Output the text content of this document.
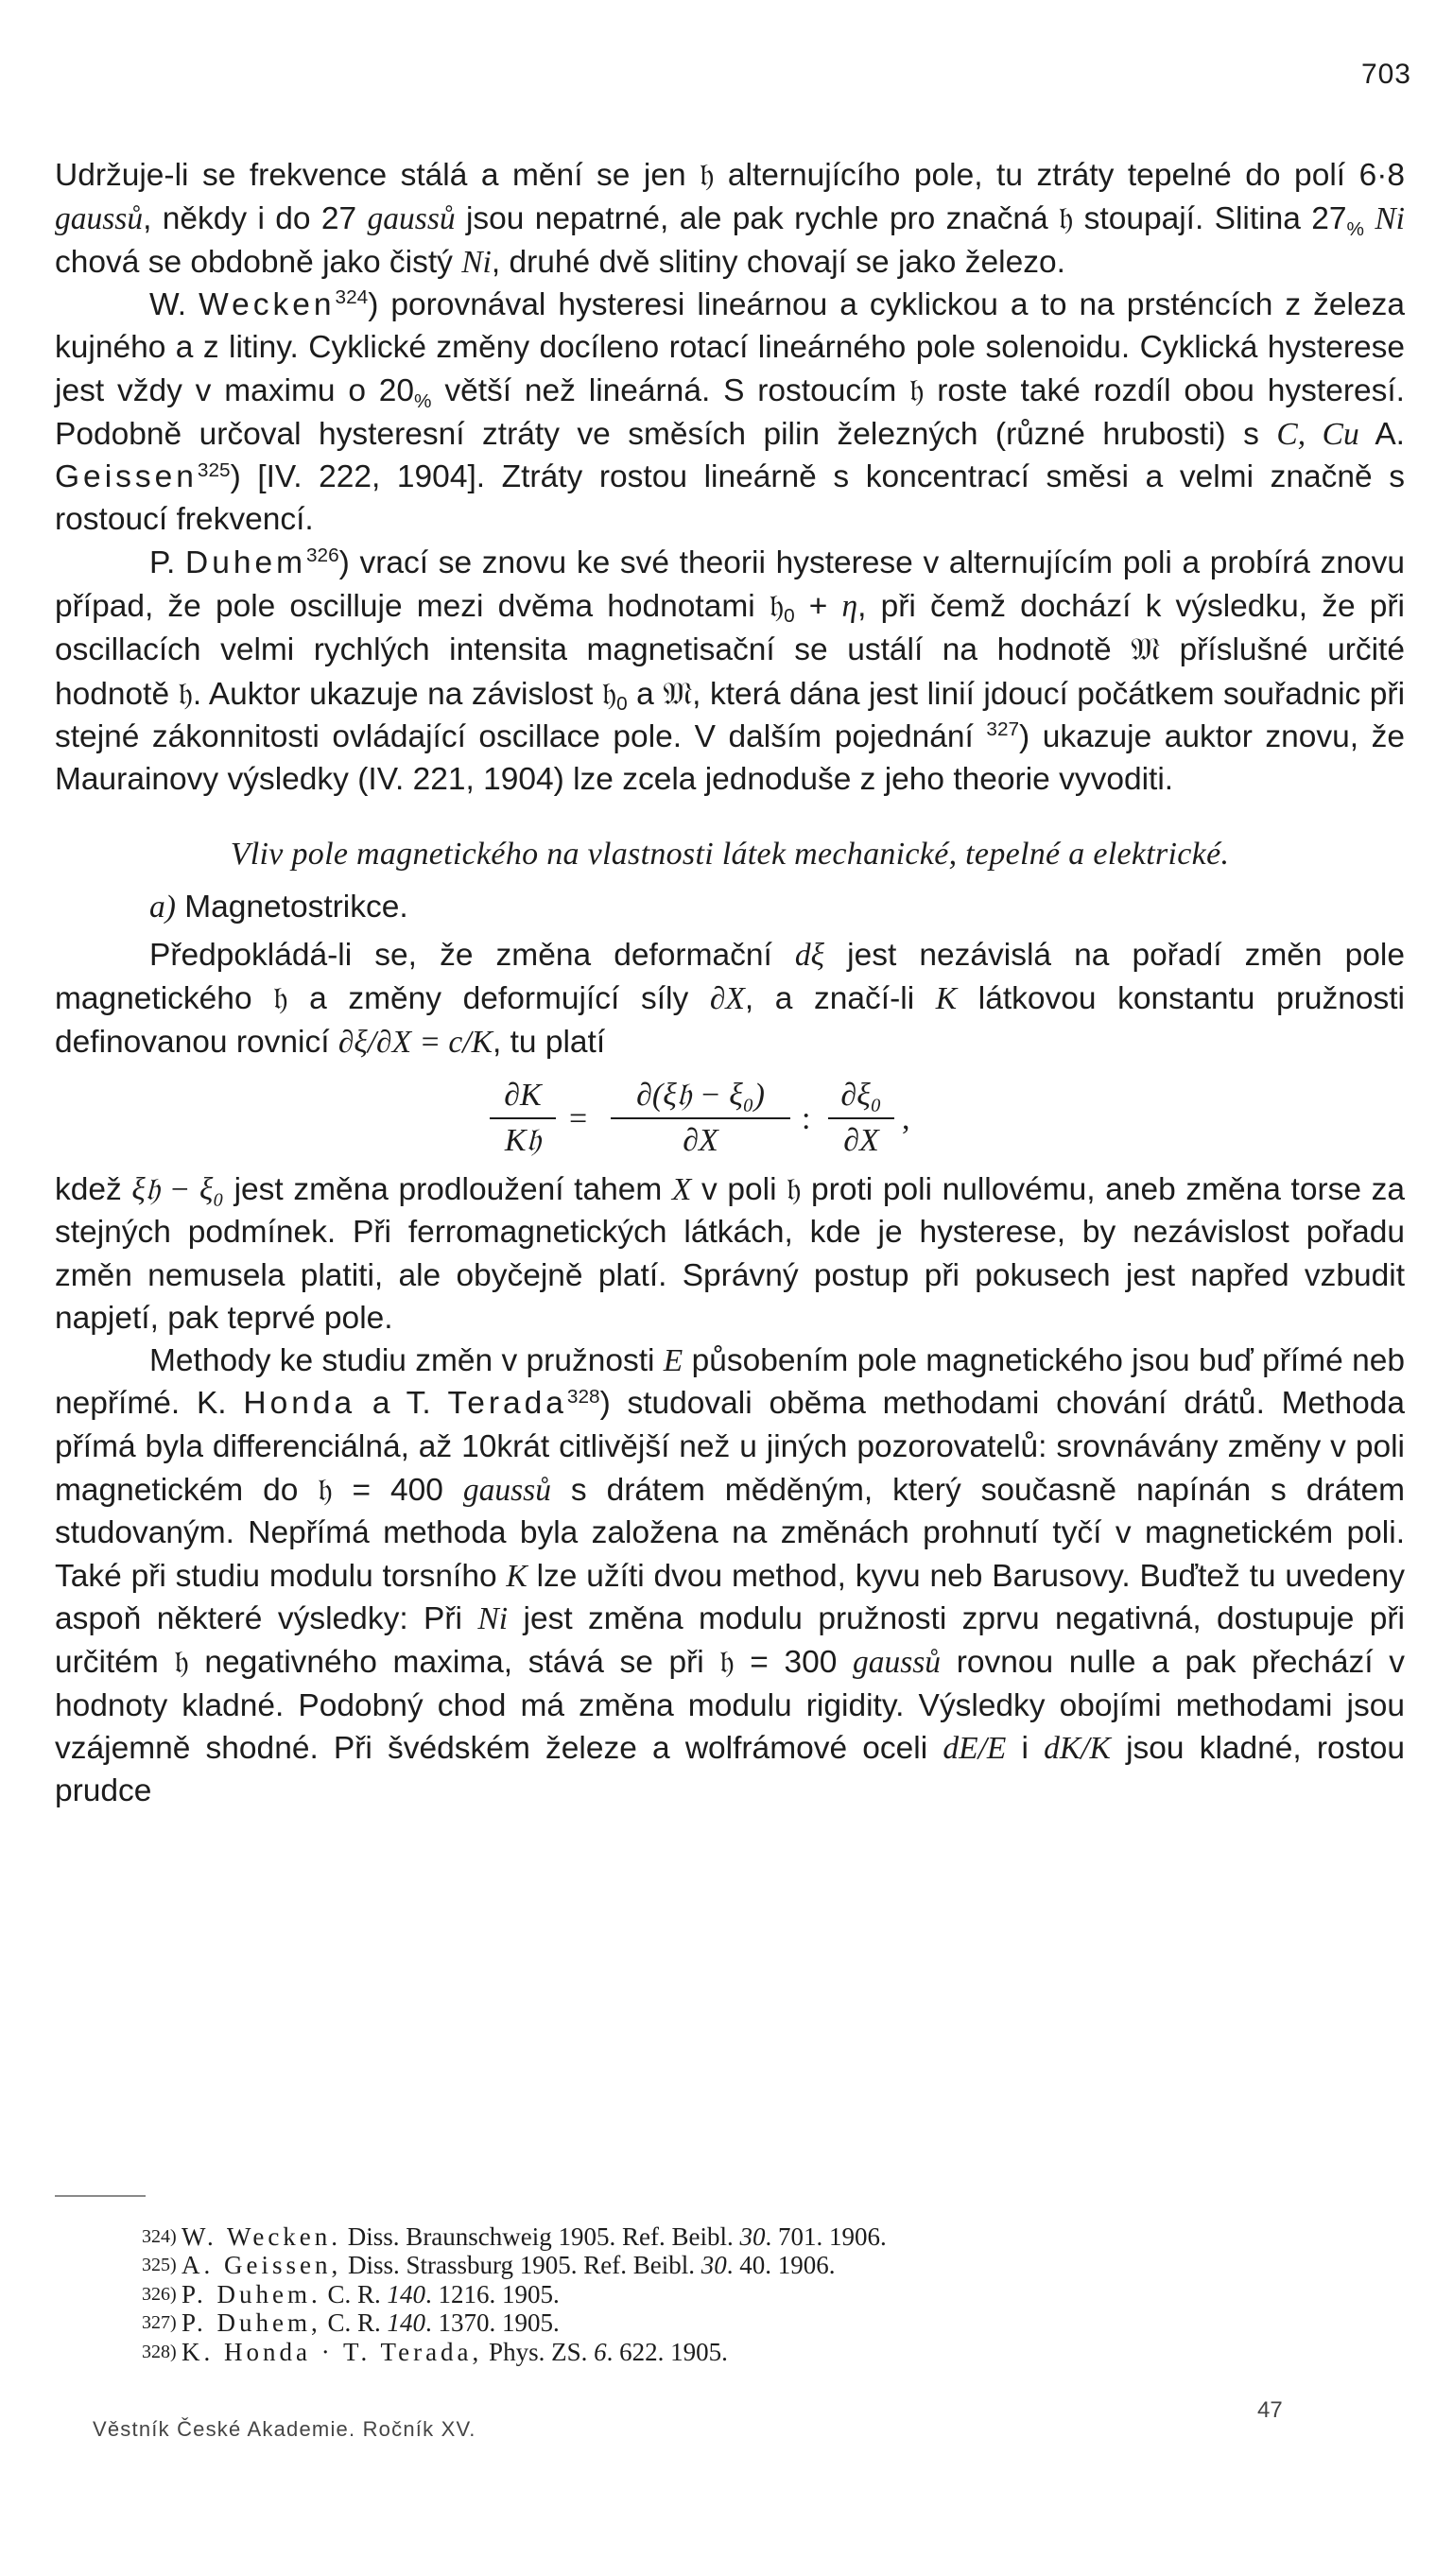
703

Udržuje-li se frekvence stálá a mění se jen 𝔥 alternujícího pole, tu ztráty tepelné do polí 6·8 gaussů, někdy i do 27 gaussů jsou nepatrné, ale pak rychle pro značná 𝔥 stoupají. Slitina $27_{\%}$ Ni chová se obdobně jako čistý Ni, druhé dvě slitiny chovají se jako železo.

W. Wecken$^{324}$) porovnával hysteresi lineárnou a cyklickou a to na prsténcích z železa kujného a z litiny. Cyklické změny docíleno rotací lineárného pole solenoidu. Cyklická hysterese jest vždy v maximu o $20_{\%}$ větší než lineárná. S rostoucím 𝔥 roste také rozdíl obou hysteresí. Podobně určoval hysteresní ztráty ve směsích pilin železných (různé hrubosti) s C, Cu A. Geissen$^{325}$) [IV. 222, 1904]. Ztráty rostou lineárně s koncentrací směsi a velmi značně s rostoucí frekvencí.

P. Duhem$^{326}$) vrací se znovu ke své theorii hysterese v alternujícím poli a probírá znovu případ, že pole oscilluje mezi dvěma hodnotami 𝔥$_0$ + η, při čemž dochází k výsledku, že při oscillacích velmi rychlých intensita magnetisační se ustálí na hodnotě 𝔐 příslušné určité hodnotě 𝔥. Auktor ukazuje na závislost 𝔥$_0$ a 𝔐, která dána jest linií jdoucí počátkem souřadnic při stejné zákonnitosti ovládající oscillace pole. V dalším pojednání $^{327}$) ukazuje auktor znovu, že Maurainovy výsledky (IV. 221, 1904) lze zcela jednoduše z jeho theorie vyvoditi.

Vliv pole magnetického na vlastnosti látek mechanické, tepelné a elektrické.

a) Magnetostrikce.

Předpokládá-li se, že změna deformační dξ jest nezávislá na pořadí změn pole magnetického 𝔥 a změny deformující síly ∂X, a značí-li K látkovou konstantu pružnosti definovanou rovnicí ∂ξ/∂X = c/K, tu platí

∂K
K𝔥
=
∂(ξ𝔥 − ξ₀)
∂X
:
∂ξ₀
∂X
,

kdež ξ𝔥 − ξ₀ jest změna prodloužení tahem X v poli 𝔥 proti poli nullovému, aneb změna torse za stejných podmínek. Při ferromagnetických látkách, kde je hysterese, by nezávislost pořadu změn nemusela platiti, ale obyčejně platí. Správný postup při pokusech jest napřed vzbudit napjetí, pak teprvé pole.

Methody ke studiu změn v pružnosti E působením pole magnetického jsou buď přímé neb nepřímé. K. Honda a T. Terada$^{328}$) studovali oběma methodami chování drátů. Methoda přímá byla differenciálná, až 10krát citlivější než u jiných pozorovatelů: srovnávány změny v poli magnetickém do 𝔥 = 400 gaussů s drátem měděným, který současně napínán s drátem studovaným. Nepřímá methoda byla založena na změnách prohnutí tyčí v magnetickém poli. Také při studiu modulu torsního K lze užíti dvou method, kyvu neb Barusovy. Buďtež tu uvedeny aspoň některé výsledky: Při Ni jest změna modulu pružnosti zprvu negativná, dostupuje při určitém 𝔥 negativného maxima, stává se při 𝔥 = 300 gaussů rovnou nulle a pak přechází v hodnoty kladné. Podobný chod má změna modulu rigidity. Výsledky obojími methodami jsou vzájemně shodné. Při švédském železe a wolfrámové oceli dE/E i dK/K jsou kladné, rostou prudce

324) W. Wecken. Diss. Braunschweig 1905. Ref. Beibl. 30. 701. 1906.
325) A. Geissen, Diss. Strassburg 1905. Ref. Beibl. 30. 40. 1906.
326) P. Duhem. C. R. 140. 1216. 1905.
327) P. Duhem, C. R. 140. 1370. 1905.
328) K. Honda · T. Terada, Phys. ZS. 6. 622. 1905.
Věstník České Akademie. Ročník XV.
47
